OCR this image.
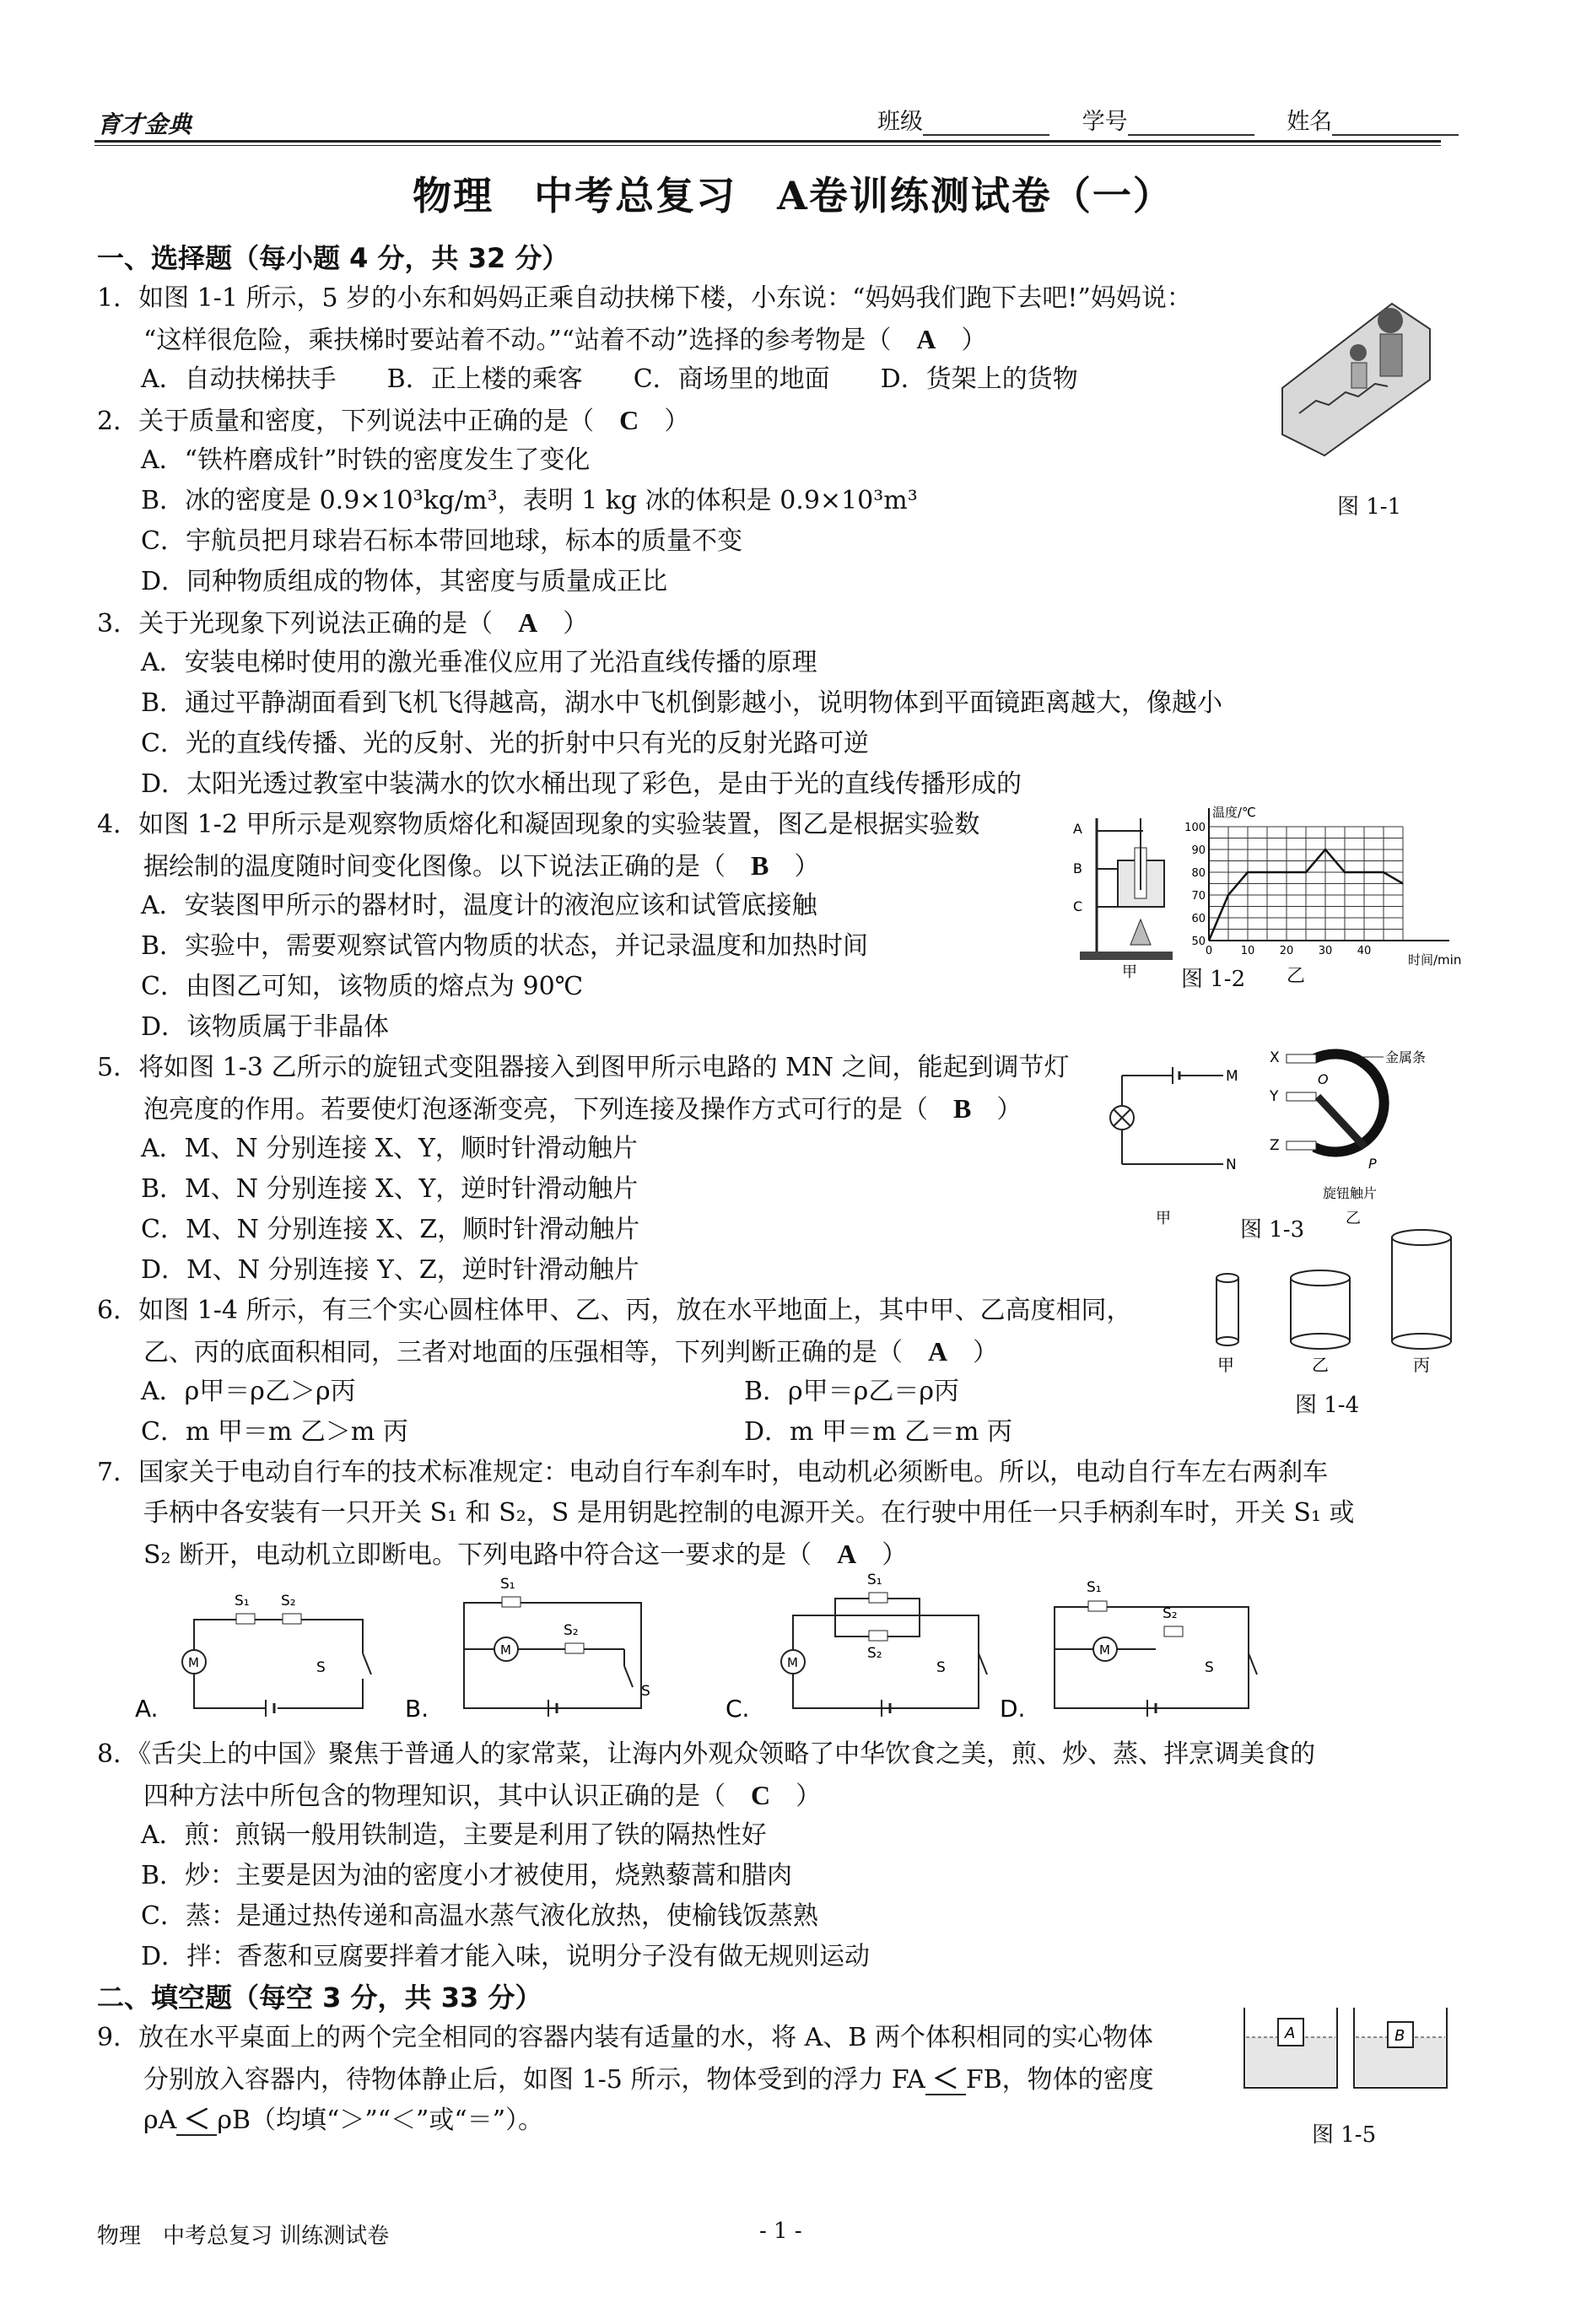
育才金典	班级	学号	姓名
物理　中考总复习　A卷训练测试卷（一）
一、选择题（每小题 4 分，共 32 分）
1．如图 1-1 所示，5 岁的小东和妈妈正乘自动扶梯下楼，小东说：“妈妈我们跑下去吧!”妈妈说：
“这样很危险，乘扶梯时要站着不动。”“站着不动”选择的参考物是（　A　 ）
A．自动扶梯扶手　　B．正上楼的乘客　　C．商场里的地面　　D．货架上的货物
2．关于质量和密度，下列说法中正确的是（　C　 ）
A．“铁杵磨成针”时铁的密度发生了变化
B．冰的密度是 0.9×10³kg/m³，表明 1 kg 冰的体积是 0.9×10³m³
C．宇航员把月球岩石标本带回地球，标本的质量不变
D．同种物质组成的物体，其密度与质量成正比
3．关于光现象下列说法正确的是（　A　 ）
A．安装电梯时使用的激光垂准仪应用了光沿直线传播的原理
B．通过平静湖面看到飞机飞得越高，湖水中飞机倒影越小，说明物体到平面镜距离越大，像越小
C．光的直线传播、光的反射、光的折射中只有光的反射光路可逆
D．太阳光透过教室中装满水的饮水桶出现了彩色，是由于光的直线传播形成的
4．如图 1-2 甲所示是观察物质熔化和凝固现象的实验装置，图乙是根据实验数
据绘制的温度随时间变化图像。以下说法正确的是（　B　 ）
A．安装图甲所示的器材时，温度计的液泡应该和试管底接触
B．实验中，需要观察试管内物质的状态，并记录温度和加热时间
C．由图乙可知，该物质的熔点为 90℃
D．该物质属于非晶体
5．将如图 1-3 乙所示的旋钮式变阻器接入到图甲所示电路的 MN 之间，能起到调节灯
泡亮度的作用。若要使灯泡逐渐变亮，下列连接及操作方式可行的是（　B　 ）
A．M、N 分别连接 X、Y，顺时针滑动触片
B．M、N 分别连接 X、Y，逆时针滑动触片
C．M、N 分别连接 X、Z，顺时针滑动触片
D．M、N 分别连接 Y、Z，逆时针滑动触片
6．如图 1-4 所示，有三个实心圆柱体甲、乙、丙，放在水平地面上，其中甲、乙高度相同，
乙、丙的底面积相同，三者对地面的压强相等，下列判断正确的是（　A　 ）
A．ρ甲＝ρ乙＞ρ丙	B．ρ甲＝ρ乙＝ρ丙
C．m 甲＝m 乙＞m 丙	D．m 甲＝m 乙＝m 丙
7．国家关于电动自行车的技术标准规定：电动自行车刹车时，电动机必须断电。所以，电动自行车左右两刹车
手柄中各安装有一只开关 S₁ 和 S₂，S 是用钥匙控制的电源开关。在行驶中用任一只手柄刹车时，开关 S₁ 或
S₂ 断开，电动机立即断电。下列电路中符合这一要求的是（　A　 ）
8．《舌尖上的中国》聚焦于普通人的家常菜，让海内外观众领略了中华饮食之美，煎、炒、蒸、拌烹调美食的
四种方法中所包含的物理知识，其中认识正确的是（　C　 ）
A．煎：煎锅一般用铁制造，主要是利用了铁的隔热性好
B．炒：主要是因为油的密度小才被使用，烧熟藜蒿和腊肉
C．蒸：是通过热传递和高温水蒸气液化放热，使榆钱饭蒸熟
D．拌：香葱和豆腐要拌着才能入味，说明分子没有做无规则运动
二、填空题（每空 3 分，共 33 分）
9．放在水平桌面上的两个完全相同的容器内装有适量的水，将 A、B 两个体积相同的实心物体
分别放入容器内，待物体静止后，如图 1-5 所示，物体受到的浮力 FA ＜ FB，物体的密度
ρA ＜ ρB（均填“＞”“＜”或“＝”）。
图 1-1
A
B
C
甲
50
60
70
80
90
100
0	10 20 30 40
温度/℃
时间/min
图 1-2 乙
M
N
甲
X
Y
Z
O
P
金属条
旋钮触片
乙
图 1-3
甲	乙	丙
图 1-4
M
S₁ S₂
S
A.
M
S₁
S₂
S
B.
M
S₁
S₂
S
C.
M
S₁
S₂
S
D.
A	B
图 1-5
物理　中考总复习 训练测试卷	- 1 -
